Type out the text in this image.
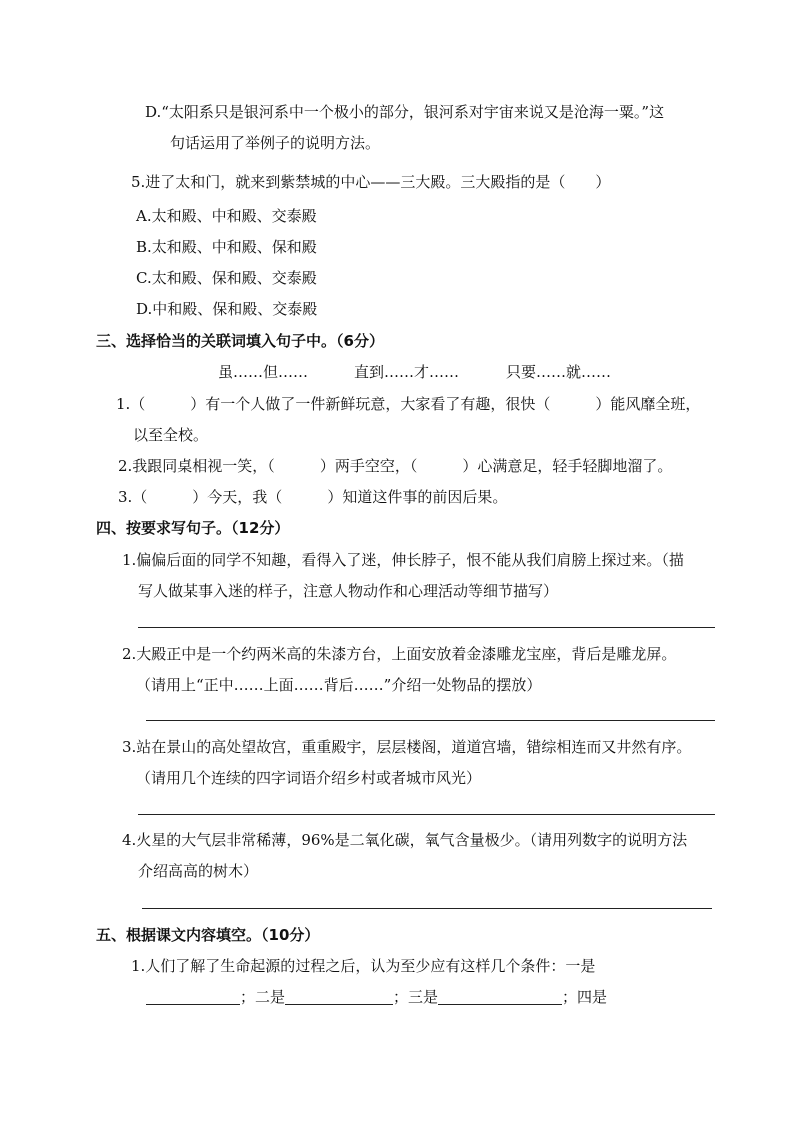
D.“太阳系只是银河系中一个极小的部分，银河系对宇宙来说又是沧海一粟。”这
句话运用了举例子的说明方法。
5.进了太和门，就来到紫禁城的中心——三大殿。三大殿指的是（　　）
A.太和殿、中和殿、交泰殿
B.太和殿、中和殿、保和殿
C.太和殿、保和殿、交泰殿
D.中和殿、保和殿、交泰殿
三、选择恰当的关联词填入句子中。（6分）
虽……但……	直到……才……	只要……就……
1.（　　　）有一个人做了一件新鲜玩意，大家看了有趣，很快（　　　）能风靡全班，
以至全校。
2.我跟同桌相视一笑，（　　　）两手空空，（　　　）心满意足，轻手轻脚地溜了。
3.（　　　）今天，我（　　　）知道这件事的前因后果。
四、按要求写句子。（12分）
1.偏偏后面的同学不知趣，看得入了迷，伸长脖子，恨不能从我们肩膀上探过来。（描
写人做某事入迷的样子，注意人物动作和心理活动等细节描写）
2.大殿正中是一个约两米高的朱漆方台，上面安放着金漆雕龙宝座，背后是雕龙屏。
（请用上“正中……上面……背后……”介绍一处物品的摆放）
3.站在景山的高处望故宫，重重殿宇，层层楼阁，道道宫墙，错综相连而又井然有序。
（请用几个连续的四字词语介绍乡村或者城市风光）
4.火星的大气层非常稀薄，96%是二氧化碳，氧气含量极少。（请用列数字的说明方法
介绍高高的树木）
五、根据课文内容填空。（10分）
1.人们了解了生命起源的过程之后，认为至少应有这样几个条件：一是
；二是	；三是	；四是
